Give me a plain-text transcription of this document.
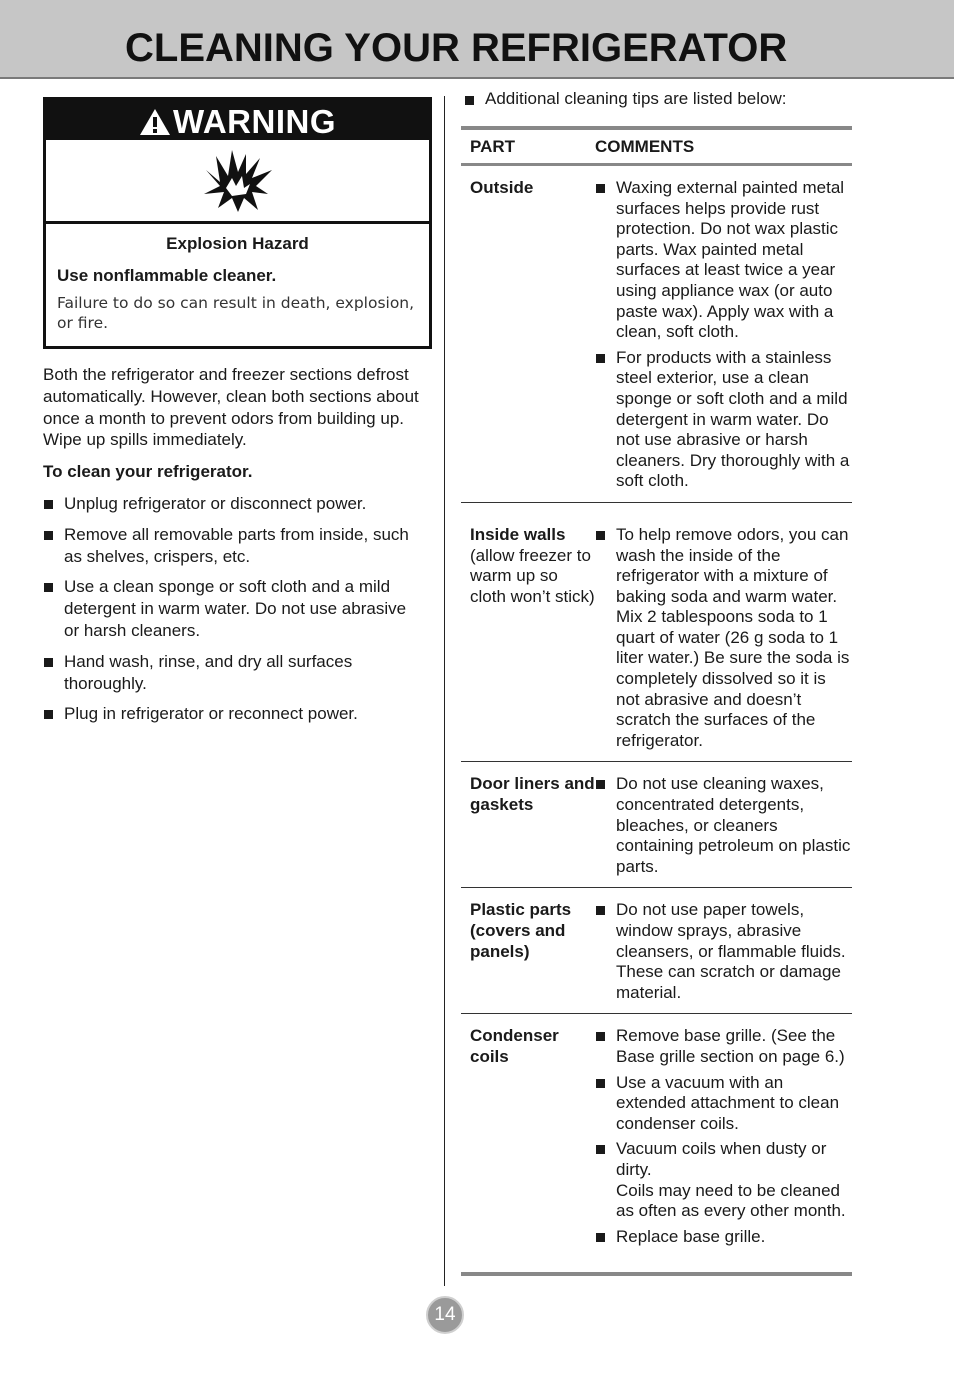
CLEANING YOUR REFRIGERATOR
WARNING
Explosion Hazard
Use nonflammable cleaner.
Failure to do so can result in death, explosion, or fire.

Both the refrigerator and freezer sections defrost automatically. However, clean both sections about once a month to prevent odors from building up. Wipe up spills immediately.

To clean your refrigerator.

Unplug refrigerator or disconnect power.
Remove all removable parts from inside, such as shelves, crispers, etc.
Use a clean sponge or soft cloth and a mild detergent in warm water. Do not use abrasive or harsh cleaners.
Hand wash, rinse, and dry all surfaces thoroughly.
Plug in refrigerator or reconnect power.
Additional cleaning tips are listed below:
PART	COMMENTS
Outside	Waxing external painted metal surfaces helps provide rust protection. Do not wax plastic parts. Wax painted metal surfaces at least twice a year using appliance wax (or auto paste wax). Apply wax with a clean, soft cloth.
For products with a stainless steel exterior, use a clean sponge or soft cloth and a mild detergent in warm water. Do not use abrasive or harsh cleaners. Dry thoroughly with a soft cloth.
Inside walls
(allow freezer to warm up so cloth won’t stick)
To help remove odors, you can wash the inside of the refrigerator with a mixture of baking soda and warm water. Mix 2 tablespoons soda to 1 quart of water (26 g soda to 1 liter water.) Be sure the soda is completely dissolved so it is not abrasive and doesn’t scratch the surfaces of the refrigerator.
Door liners and gaskets
Do not use cleaning waxes, concentrated detergents, bleaches, or cleaners containing petroleum on plastic parts.
Plastic parts (covers and panels)
Do not use paper towels, window sprays, abrasive cleansers, or flammable fluids. These can scratch or damage material.
Condenser coils
Remove base grille. (See the Base grille section on page 6.)
Use a vacuum with an extended attachment to clean condenser coils.
Vacuum coils when dusty or dirty.
Coils may need to be cleaned as often as every other month.
Replace base grille.
14
